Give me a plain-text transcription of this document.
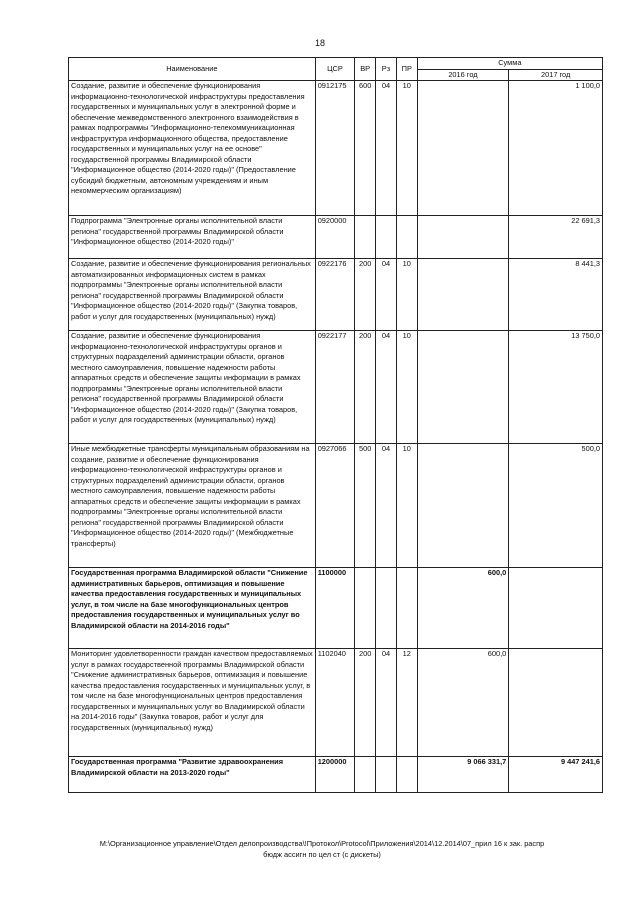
18
Наименование	ЦСР	ВР	Рз	ПР	Сумма	
					2016 год	2017 год
Создание, развитие и обеспечение функционирования информационно-технологической инфраструктуры предоставления государственных и муниципальных услуг в электронной форме и обеспечение межведомственного электронного взаимодействия в рамках подпрограммы "Информационно-телекоммуникационная инфраструктура информационного общества, предоставление государственных и муниципальных услуг на ее основе" государственной программы Владимирской области "Информационное общество (2014-2020 годы)" (Предоставление субсидий бюджетным, автономным учреждениям и иным некоммерческим организациям)	0912175	600	04	10		1 100,0
Подпрограмма "Электронные органы исполнительной власти региона" государственной программы Владимирской области "Информационное общество (2014-2020 годы)"	0920000					22 691,3
Создание, развитие и обеспечение функционирования региональных автоматизированных информационных систем в рамках подпрограммы "Электронные органы исполнительной власти региона" государственной программы Владимирской области "Информационное общество (2014-2020 годы)" (Закупка товаров, работ и услуг для государственных (муниципальных) нужд)	0922176	200	04	10		8 441,3
Создание, развитие и обеспечение функционирования информационно-технологической инфраструктуры органов и структурных подразделений администрации области, органов местного самоуправления, повышение надежности работы аппаратных средств и обеспечение защиты информации в рамках подпрограммы "Электронные органы исполнительной власти региона" государственной программы Владимирской области "Информационное общество (2014-2020 годы)" (Закупка товаров, работ и услуг для государственных (муниципальных) нужд)	0922177	200	04	10		13 750,0
Иные межбюджетные трансферты муниципальным образованиям на создание, развитие и обеспечение функционирования информационно-технологической инфраструктуры органов и структурных подразделений администрации области, органов местного самоуправления, повышение надежности работы аппаратных средств и обеспечение защиты информации в рамках подпрограммы "Электронные органы исполнительной власти региона" государственной программы Владимирской области "Информационное общество (2014-2020 годы)" (Межбюджетные трансферты)	0927066	500	04	10		500,0
Государственная программа Владимирской области "Снижение административных барьеров, оптимизация и повышение качества предоставления государственных и муниципальных услуг, в том числе на базе многофункциональных центров предоставления государственных и муниципальных услуг во Владимирской области на 2014-2016 годы"	1100000				600,0	
Мониторинг удовлетворенности граждан качеством предоставляемых услуг в рамках государственной программы Владимирской области "Снижение административных барьеров, оптимизация и повышение качества предоставления государственных и муниципальных услуг, в том числе на базе многофункциональных центров предоставления государственных и муниципальных услуг во Владимирской области на 2014-2016 годы" (Закупка товаров, работ и услуг для государственных (муниципальных) нужд)	1102040	200	04	12	600,0	
Государственная программа "Развитие здравоохранения Владимирской области на 2013-2020 годы"	1200000				9 066 331,7	9 447 241,6
M:\Организационное управление\Отдел делопроизводства\!Протокол\Protocol\Приложения\2014\12.2014\07_прил 16 к зак. распр
бюдж ассигн по цел ст (с дискеты)
